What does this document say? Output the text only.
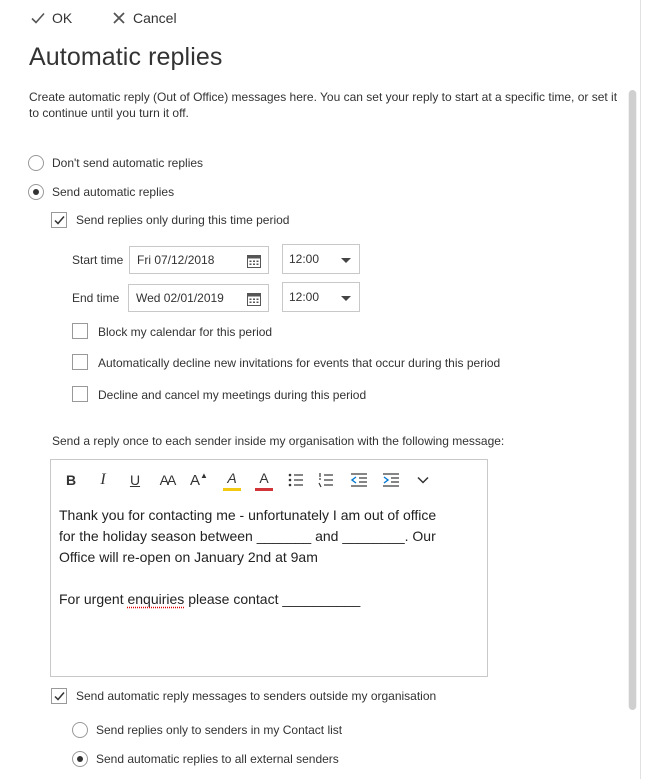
OK	Cancel
Automatic replies
Create automatic reply (Out of Office) messages here. You can set your reply to start at a specific time, or set it to continue until you turn it off.
Don't send automatic replies
Send automatic replies
Send replies only during this time period
Start time Fri 07/12/2018	12:00
End time Wed 02/01/2019	12:00
Block my calendar for this period
Automatically decline new invitations for events that occur during this period
Decline and cancel my meetings during this period
Send a reply once to each sender inside my organisation with the following message:
B	I	U	AA	A ▲ A A

Thank you for contacting me - unfortunately I am out of office

for the holiday season between _______ and ________. Our

Office will re-open on January 2nd at 9am

For urgent enquiries please contact __________

Send automatic reply messages to senders outside my organisation
Send replies only to senders in my Contact list
Send automatic replies to all external senders
